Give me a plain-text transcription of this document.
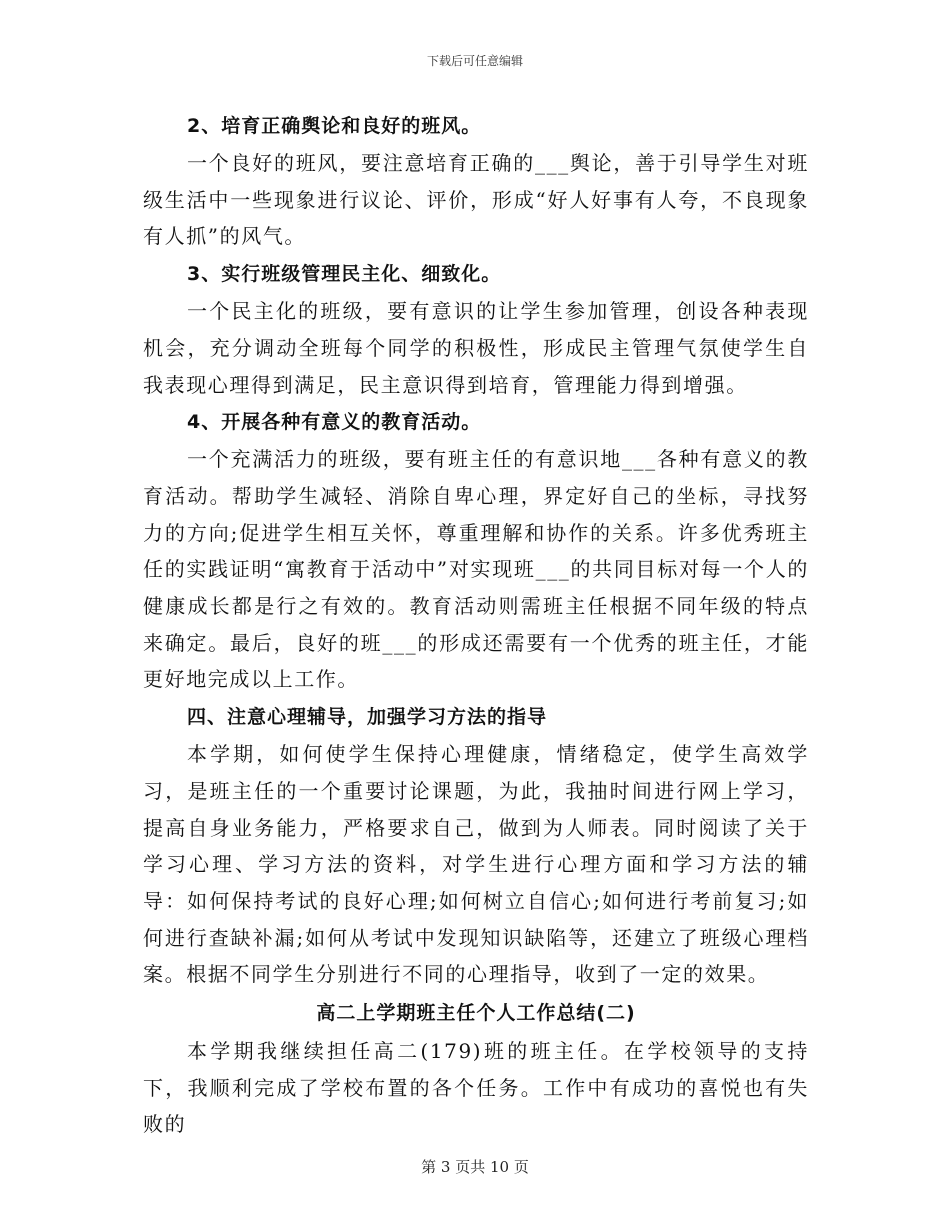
下载后可任意编辑
2、培育正确舆论和良好的班风。

一个良好的班风，要注意培育正确的___舆论，善于引导学生对班级生活中一些现象进行议论、评价，形成“好人好事有人夸，不良现象有人抓”的风气。

3、实行班级管理民主化、细致化。

一个民主化的班级，要有意识的让学生参加管理，创设各种表现机会，充分调动全班每个同学的积极性，形成民主管理气氛使学生自我表现心理得到满足，民主意识得到培育，管理能力得到增强。

4、开展各种有意义的教育活动。

一个充满活力的班级，要有班主任的有意识地___各种有意义的教育活动。帮助学生减轻、消除自卑心理，界定好自己的坐标，寻找努力的方向;促进学生相互关怀，尊重理解和协作的关系。许多优秀班主任的实践证明“寓教育于活动中”对实现班___的共同目标对每一个人的健康成长都是行之有效的。教育活动则需班主任根据不同年级的特点来确定。最后，良好的班___的形成还需要有一个优秀的班主任，才能更好地完成以上工作。

四、注意心理辅导，加强学习方法的指导

本学期，如何使学生保持心理健康，情绪稳定，使学生高效学习，是班主任的一个重要讨论课题，为此，我抽时间进行网上学习，提高自身业务能力，严格要求自己，做到为人师表。同时阅读了关于学习心理、学习方法的资料，对学生进行心理方面和学习方法的辅导：如何保持考试的良好心理;如何树立自信心;如何进行考前复习;如何进行查缺补漏;如何从考试中发现知识缺陷等，还建立了班级心理档案。根据不同学生分别进行不同的心理指导，收到了一定的效果。

高二上学期班主任个人工作总结(二)

本学期我继续担任高二(179)班的班主任。在学校领导的支持下，我顺利完成了学校布置的各个任务。工作中有成功的喜悦也有失败的

第 3 页共 10 页
